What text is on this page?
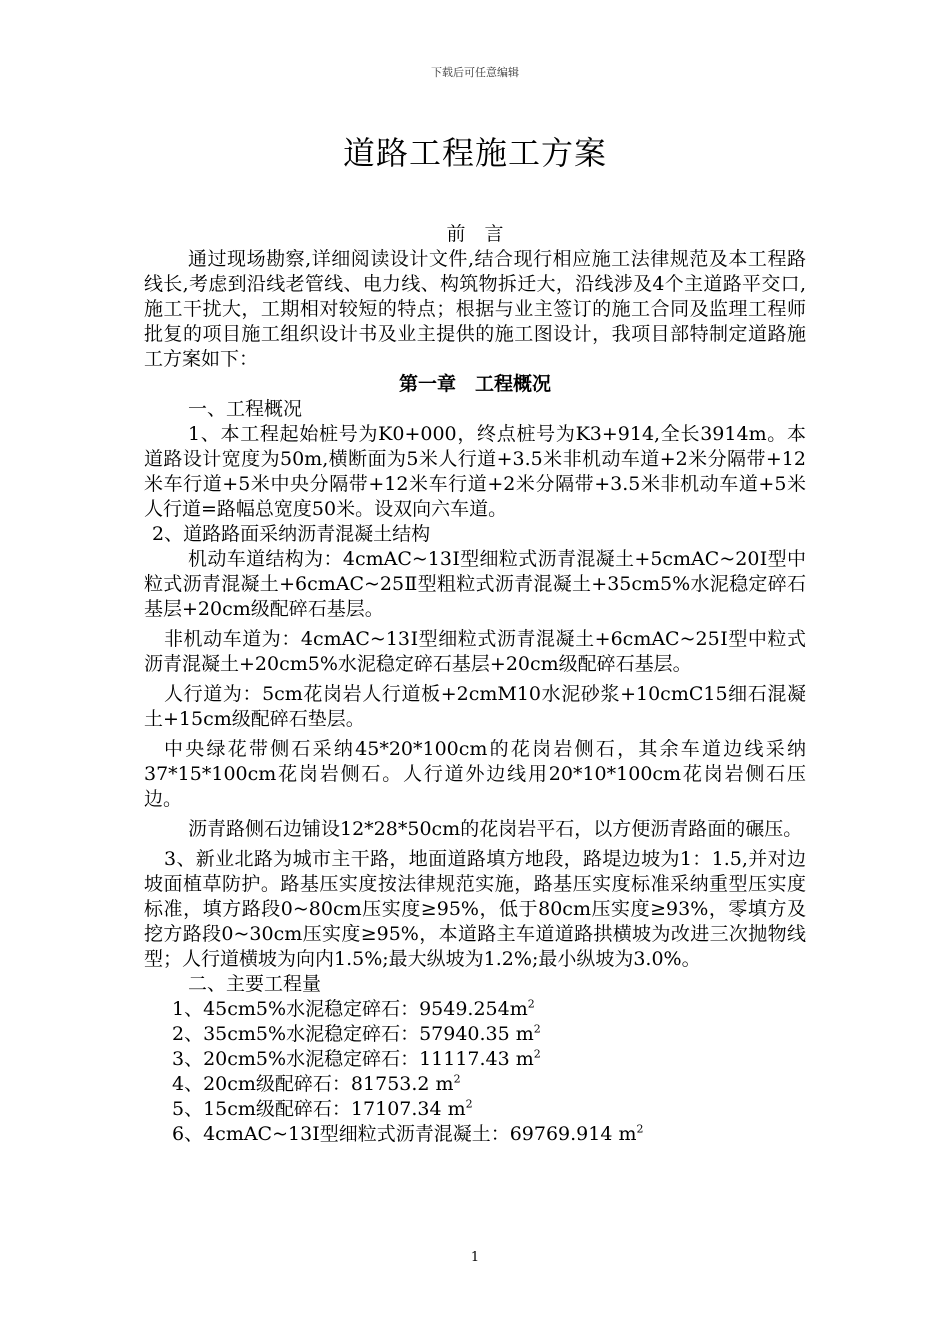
下载后可任意编辑
道路工程施工方案

前　言

通过现场勘察,详细阅读设计文件,结合现行相应施工法律规范及本工程路线长,考虑到沿线老管线、电力线、构筑物拆迁大，沿线涉及4个主道路平交口,施工干扰大，工期相对较短的特点；根据与业主签订的施工合同及监理工程师批复的项目施工组织设计书及业主提供的施工图设计，我项目部特制定道路施工方案如下：

第一章　工程概况

一、工程概况

1、本工程起始桩号为K0+000，终点桩号为K3+914,全长3914m。本道路设计宽度为50m,横断面为5米人行道+3.5米非机动车道+2米分隔带+12米车行道+5米中央分隔带+12米车行道+2米分隔带+3.5米非机动车道+5米人行道=路幅总宽度50米。设双向六车道。

2、道路路面采纳沥青混凝土结构

机动车道结构为：4cmAC~13Ⅰ型细粒式沥青混凝土+5cmAC~20Ⅰ型中粒式沥青混凝土+6cmAC~25Ⅱ型粗粒式沥青混凝土+35cm5%水泥稳定碎石基层+20cm级配碎石基层。

非机动车道为：4cmAC~13Ⅰ型细粒式沥青混凝土+6cmAC~25Ⅰ型中粒式沥青混凝土+20cm5%水泥稳定碎石基层+20cm级配碎石基层。

人行道为：5cm花岗岩人行道板+2cmM10水泥砂浆+10cmC15细石混凝土+15cm级配碎石垫层。

中央绿花带侧石采纳45*20*100cm的花岗岩侧石，其余车道边线采纳37*15*100cm花岗岩侧石。人行道外边线用20*10*100cm花岗岩侧石压边。

沥青路侧石边铺设12*28*50cm的花岗岩平石，以方便沥青路面的碾压。

3、新业北路为城市主干路，地面道路填方地段，路堤边坡为1：1.5,并对边坡面植草防护。路基压实度按法律规范实施，路基压实度标准采纳重型压实度标准，填方路段0~80cm压实度≥95%，低于80cm压实度≥93%，零填方及挖方路段0~30cm压实度≥95%，本道路主车道道路拱横坡为改进三次抛物线型；人行道横坡为向内1.5%;最大纵坡为1.2%;最小纵坡为3.0%。

二、主要工程量

1、45cm5%水泥稳定碎石：$9549.254m^2$

2、35cm5%水泥稳定碎石：57940.35 $m^2$

3、20cm5%水泥稳定碎石：11117.43 $m^2$

4、20cm级配碎石：81753.2 $m^2$

5、15cm级配碎石：17107.34 $m^2$

6、4cmAC~13Ⅰ型细粒式沥青混凝土：69769.914 $m^2$

1
